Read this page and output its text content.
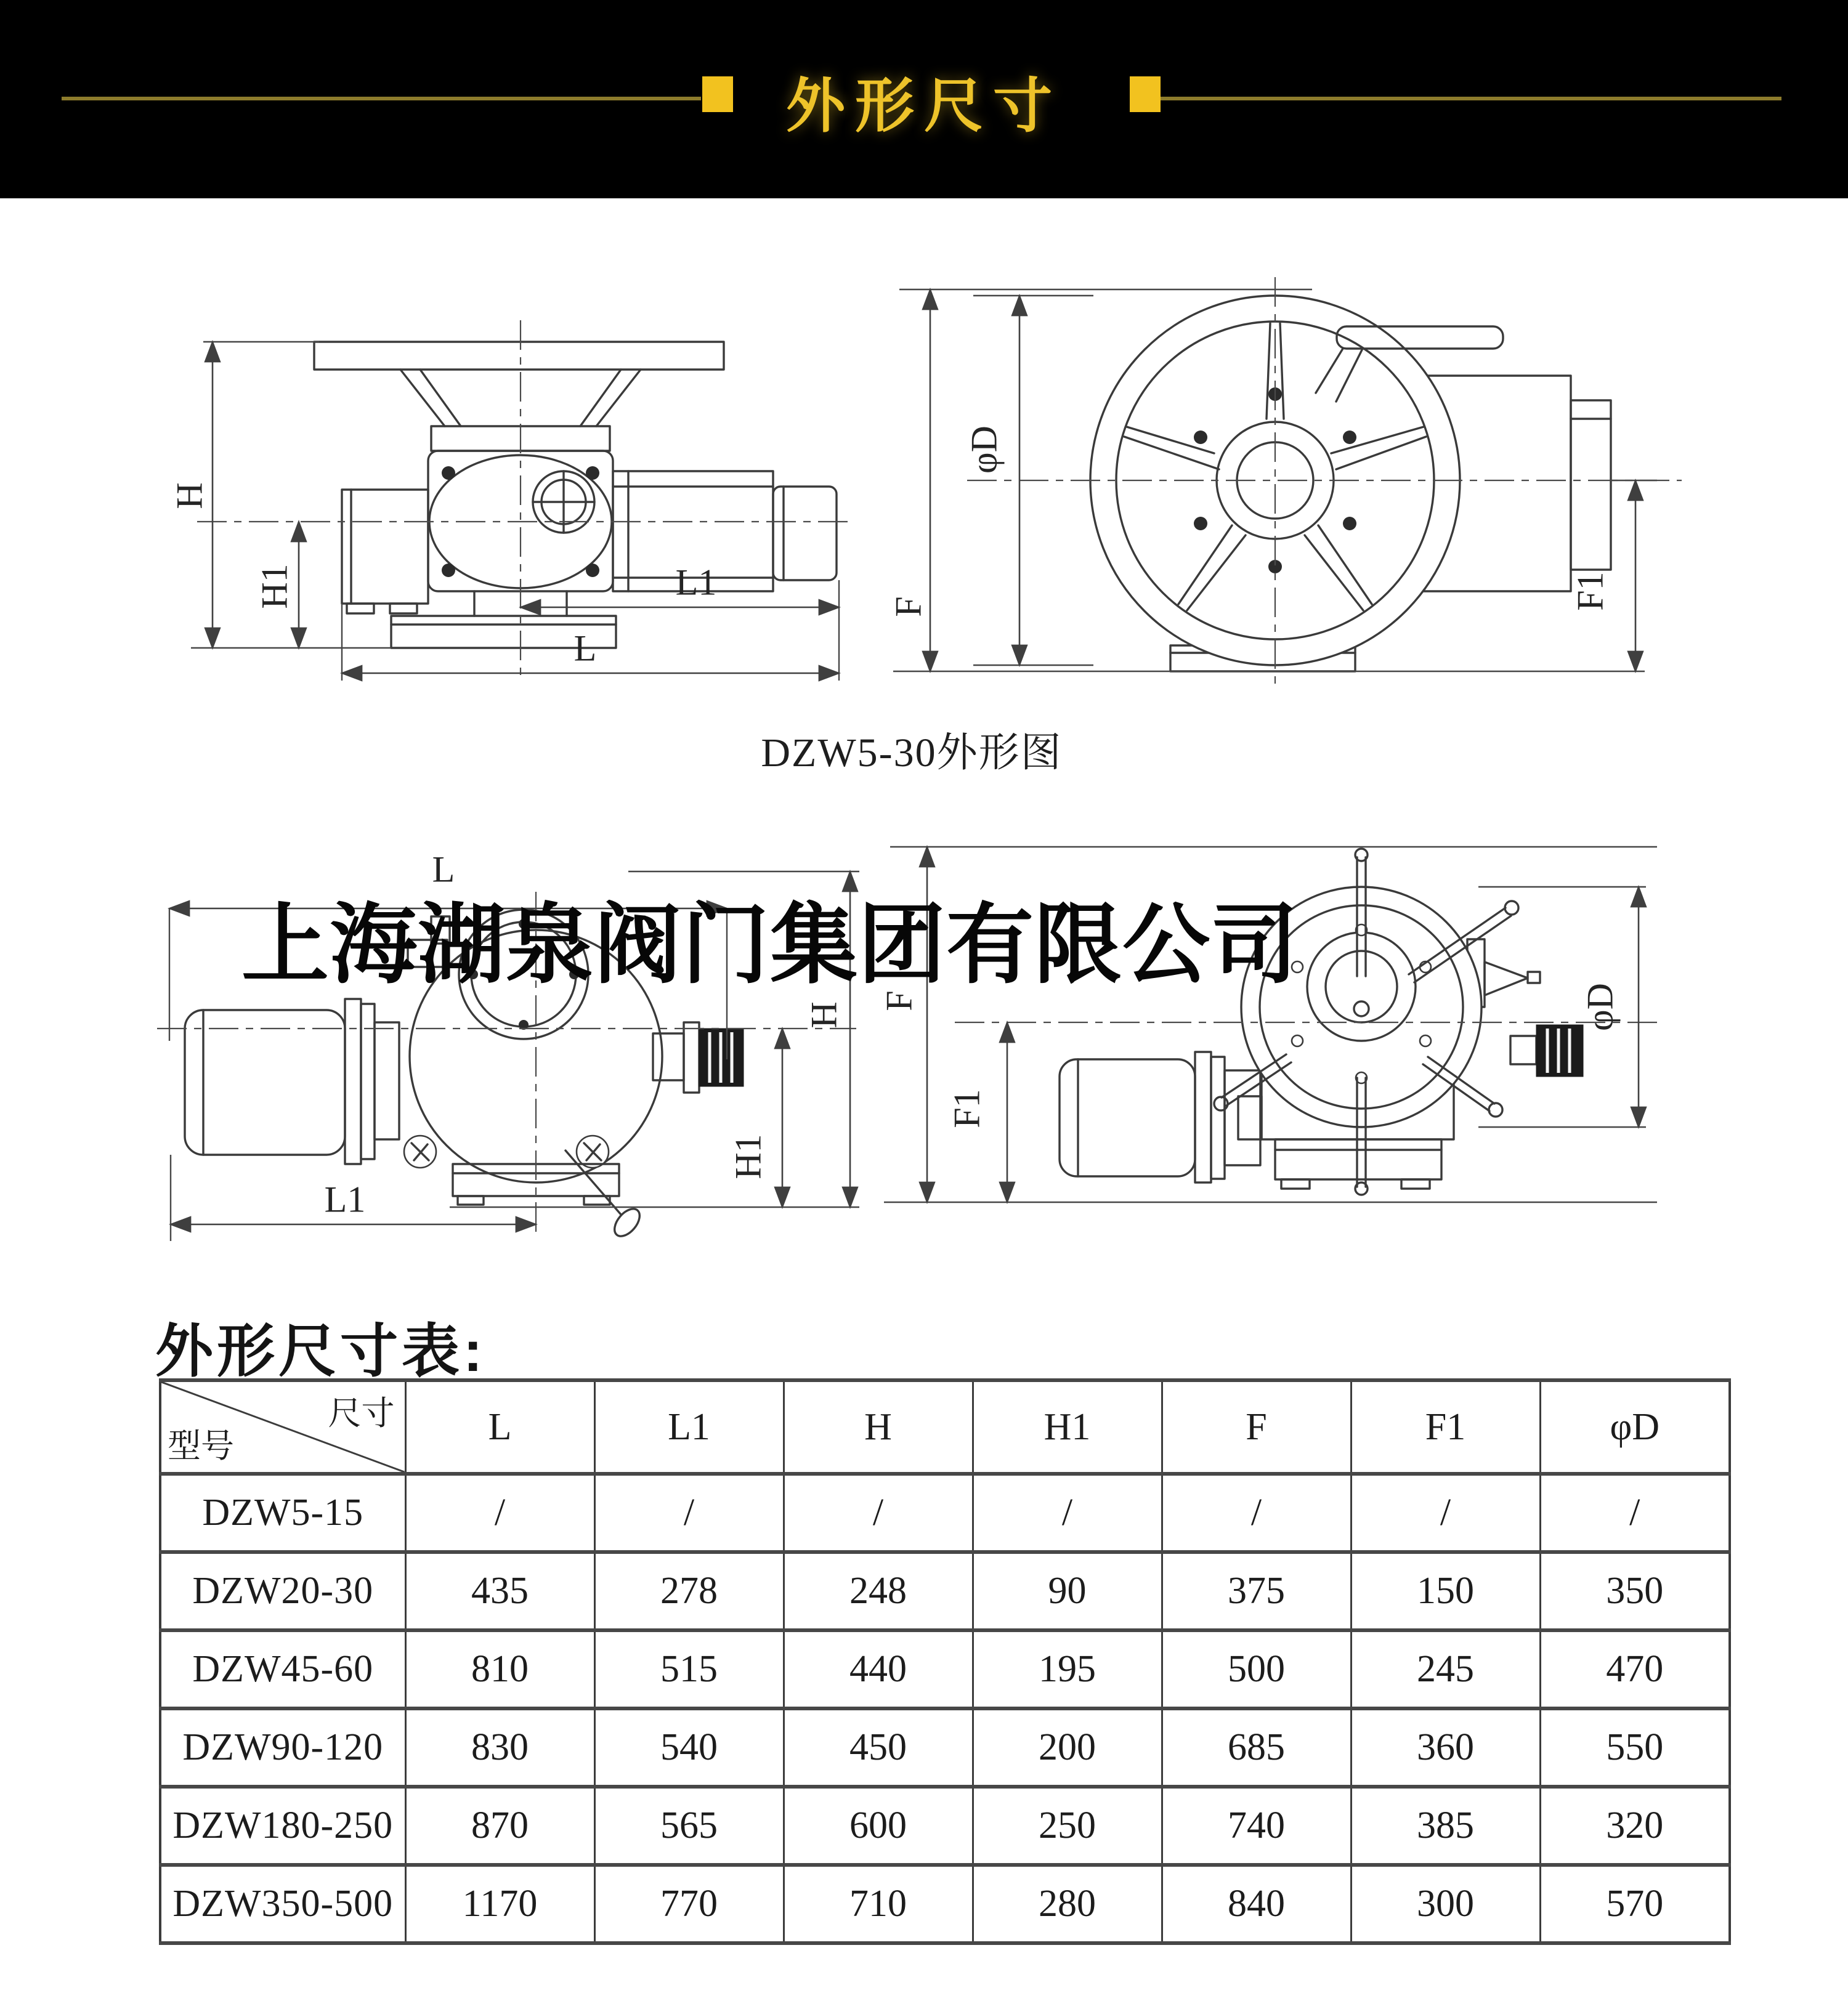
外形尺寸
H
H1	L1
L
F
φD
F1
DZW5-30外形图
L
L1
H
H1
F
F1
φD
上海湖泉阀门集团有限公司
外形尺寸表:
尺寸
型号	L	L1	H	H1	F	F1	φD
DZW5-15	/	/	/	/	/	/	/
DZW20-30	435	278	248	90	375	150	350
DZW45-60	810	515	440	195	500	245	470
DZW90-120	830	540	450	200	685	360	550
DZW180-250	870	565	600	250	740	385	320
DZW350-500	1170	770	710	280	840	300	570
